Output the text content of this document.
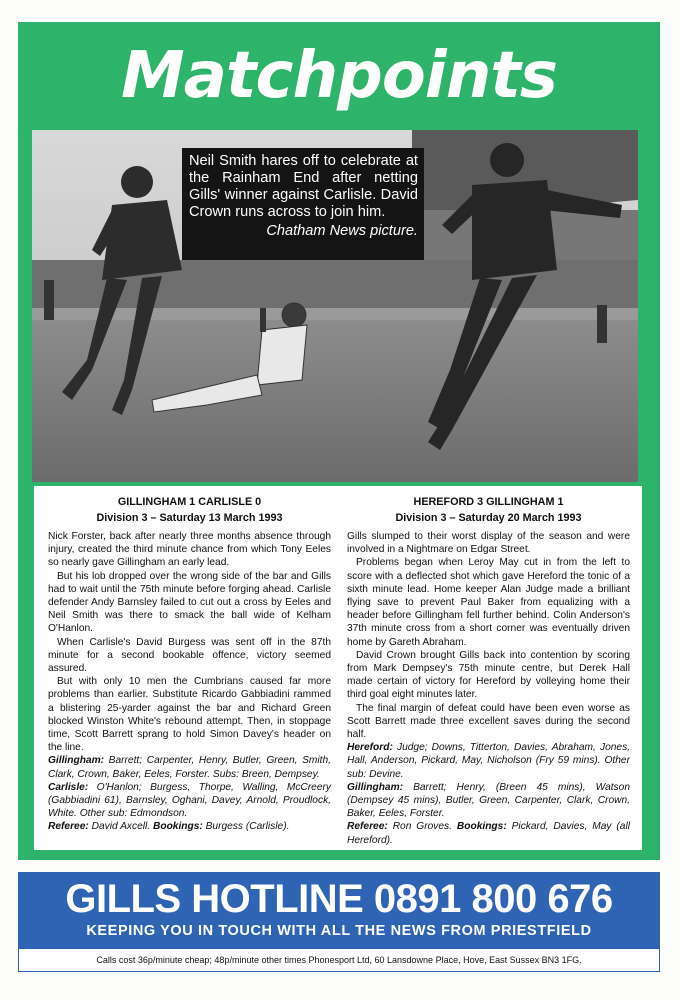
Matchpoints
Neil Smith hares off to celebrate at the Rainham End after netting Gills' winner against Carlisle. David Crown runs across to join him.
Chatham News picture.
GILLINGHAM 1 CARLISLE 0
Division 3 – Saturday 13 March 1993

Nick Forster, back after nearly three months absence through injury, created the third minute chance from which Tony Eeles so nearly gave Gillingham an early lead.

But his lob dropped over the wrong side of the bar and Gills had to wait until the 75th minute before forging ahead. Carlisle defender Andy Barnsley failed to cut out a cross by Eeles and Neil Smith was there to smack the ball wide of Kelham O'Hanlon.

When Carlisle's David Burgess was sent off in the 87th minute for a second bookable offence, victory seemed assured.

But with only 10 men the Cumbrians caused far more problems than earlier. Substitute Ricardo Gabbiadini rammed a blistering 25-yarder against the bar and Richard Green blocked Winston White's rebound attempt. Then, in stoppage time, Scott Barrett sprang to hold Simon Davey's header on the line.

Gillingham: Barrett; Carpenter, Henry, Butler, Green, Smith, Clark, Crown, Baker, Eeles, Forster. Subs: Breen, Dempsey.

Carlisle: O'Hanlon; Burgess, Thorpe, Walling, McCreery (Gabbiadini 61), Barnsley, Oghani, Davey, Arnold, Proudlock, White. Other sub: Edmondson.

Referee: David Axcell. Bookings: Burgess (Carlisle).

HEREFORD 3 GILLINGHAM 1
Division 3 – Saturday 20 March 1993

Gills slumped to their worst display of the season and were involved in a Nightmare on Edgar Street.

Problems began when Leroy May cut in from the left to score with a deflected shot which gave Hereford the tonic of a sixth minute lead. Home keeper Alan Judge made a brilliant flying save to prevent Paul Baker from equalizing with a header before Gillingham fell further behind. Colin Anderson's 37th minute cross from a short corner was eventually driven home by Gareth Abraham.

David Crown brought Gills back into contention by scoring from Mark Dempsey's 75th minute centre, but Derek Hall made certain of victory for Hereford by volleying home their third goal eight minutes later.

The final margin of defeat could have been even worse as Scott Barrett made three excellent saves during the second half.

Hereford: Judge; Downs, Titterton, Davies, Abraham, Jones, Hall, Anderson, Pickard, May, Nicholson (Fry 59 mins). Other sub: Devine.

Gillingham: Barrett; Henry, (Breen 45 mins), Watson (Dempsey 45 mins), Butler, Green, Carpenter, Clark, Crown, Baker, Eeles, Forster.

Referee: Ron Groves. Bookings: Pickard, Davies, May (all Hereford).

GILLS HOTLINE 0891 800 676
KEEPING YOU IN TOUCH WITH ALL THE NEWS FROM PRIESTFIELD
Calls cost 36p/minute cheap; 48p/minute other times Phonesport Ltd, 60 Lansdowne Place, Hove, East Sussex BN3 1FG.
